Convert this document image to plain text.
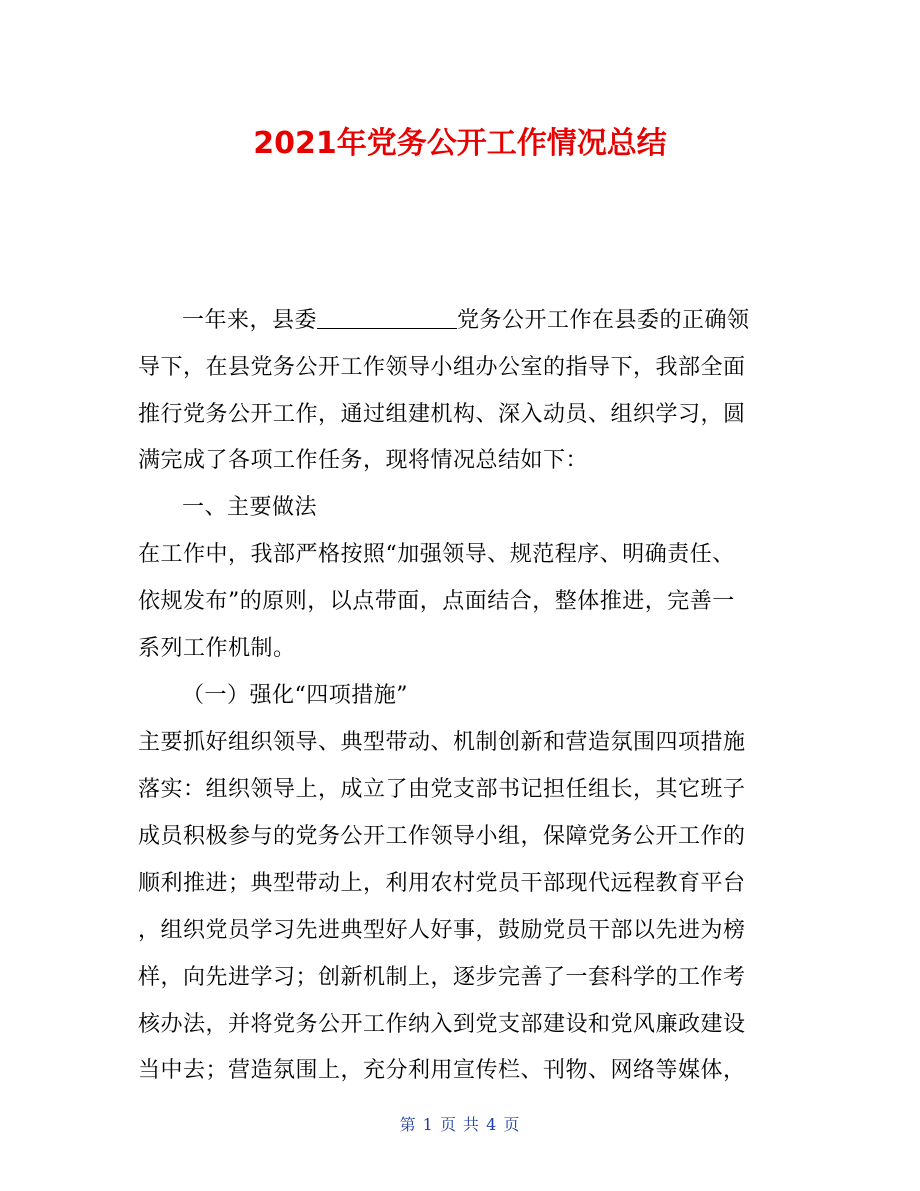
2021年党务公开工作情况总结
一年来，县委	党务公开工作在县委的正确领
导下，在县党务公开工作领导小组办公室的指导下，我部全面
推行党务公开工作，通过组建机构、深入动员、组织学习，圆
满完成了各项工作任务，现将情况总结如下：
一、主要做法
在工作中，我部严格按照“加强领导、规范程序、明确责任、
依规发布”的原则，以点带面，点面结合，整体推进，完善一
系列工作机制。
（一）强化“四项措施”
主要抓好组织领导、典型带动、机制创新和营造氛围四项措施
落实：组织领导上，成立了由党支部书记担任组长，其它班子
成员积极参与的党务公开工作领导小组，保障党务公开工作的
顺利推进；典型带动上，利用农村党员干部现代远程教育平台
，组织党员学习先进典型好人好事，鼓励党员干部以先进为榜
样，向先进学习；创新机制上，逐步完善了一套科学的工作考
核办法，并将党务公开工作纳入到党支部建设和党风廉政建设
当中去；营造氛围上，充分利用宣传栏、刊物、网络等媒体，
第 1 页 共 4 页
